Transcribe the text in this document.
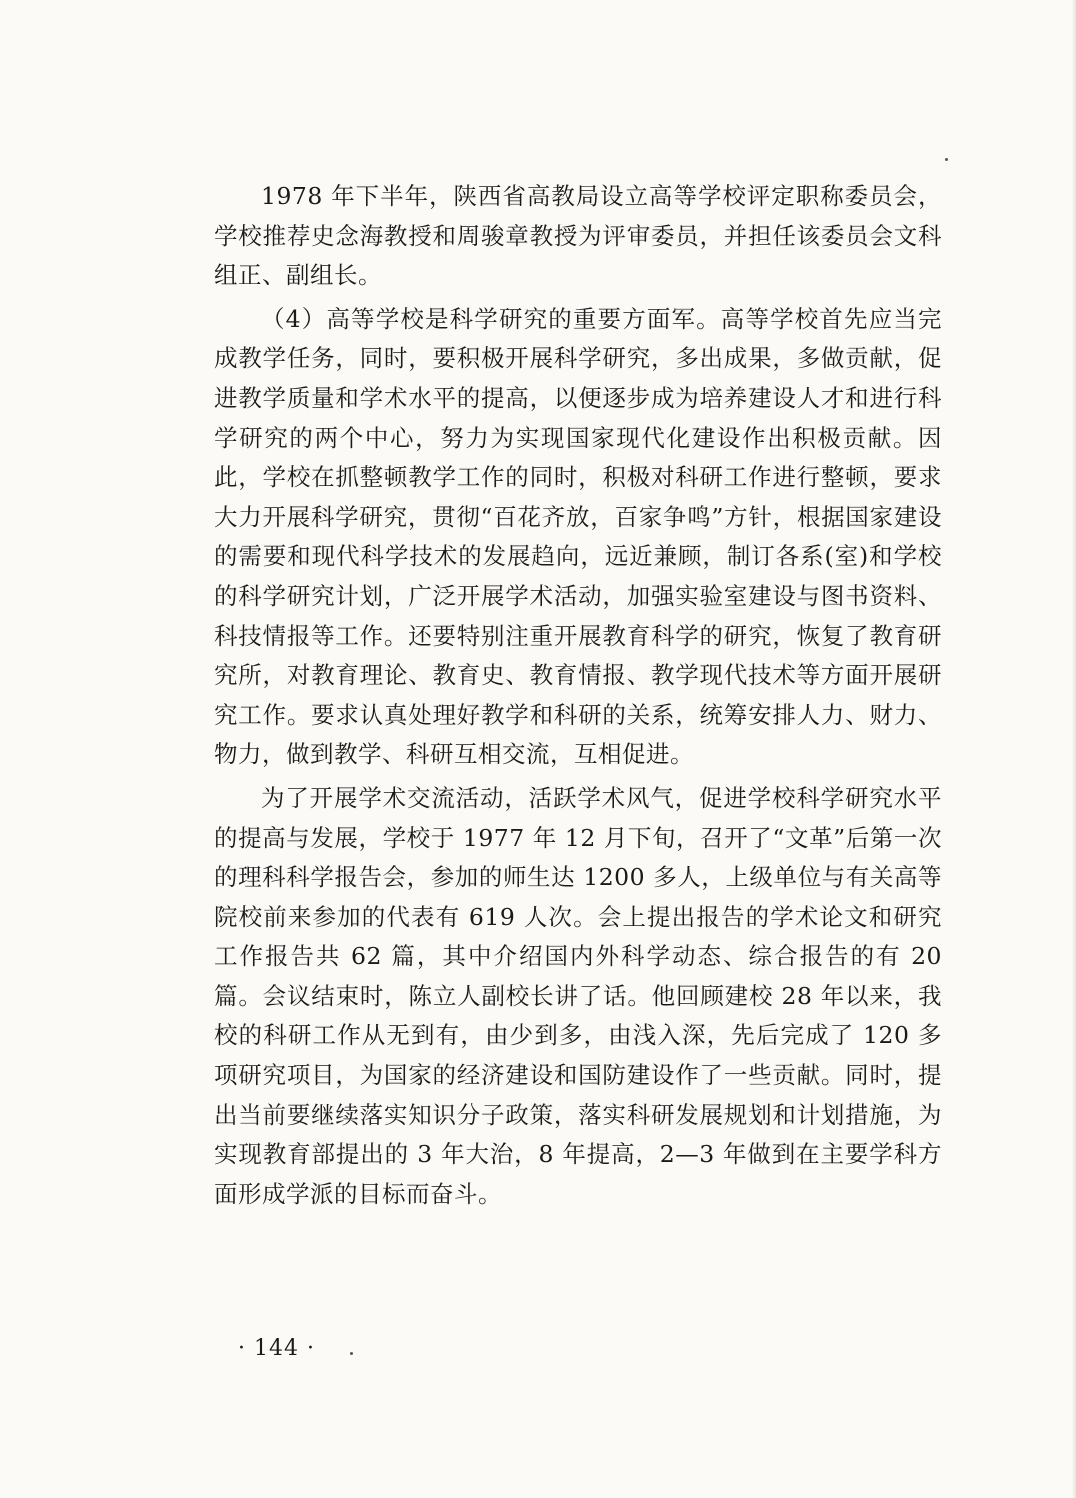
1978 年下半年，陕西省高教局设立高等学校评定职称委员会，学校推荐史念海教授和周骏章教授为评审委员，并担任该委员会文科组正、副组长。

（4）高等学校是科学研究的重要方面军。高等学校首先应当完成教学任务，同时，要积极开展科学研究，多出成果，多做贡献，促进教学质量和学术水平的提高，以便逐步成为培养建设人才和进行科学研究的两个中心，努力为实现国家现代化建设作出积极贡献。因此，学校在抓整顿教学工作的同时，积极对科研工作进行整顿，要求大力开展科学研究，贯彻“百花齐放，百家争鸣”方针，根据国家建设的需要和现代科学技术的发展趋向，远近兼顾，制订各系(室)和学校的科学研究计划，广泛开展学术活动，加强实验室建设与图书资料、科技情报等工作。还要特别注重开展教育科学的研究，恢复了教育研究所，对教育理论、教育史、教育情报、教学现代技术等方面开展研究工作。要求认真处理好教学和科研的关系，统筹安排人力、财力、物力，做到教学、科研互相交流，互相促进。

为了开展学术交流活动，活跃学术风气，促进学校科学研究水平的提高与发展，学校于 1977 年 12 月下旬，召开了“文革”后第一次的理科科学报告会，参加的师生达 1200 多人，上级单位与有关高等院校前来参加的代表有 619 人次。会上提出报告的学术论文和研究工作报告共 62 篇，其中介绍国内外科学动态、综合报告的有 20 篇。会议结束时，陈立人副校长讲了话。他回顾建校 28 年以来，我校的科研工作从无到有，由少到多，由浅入深，先后完成了 120 多项研究项目，为国家的经济建设和国防建设作了一些贡献。同时，提出当前要继续落实知识分子政策，落实科研发展规划和计划措施，为实现教育部提出的 3 年大治，8 年提高，2—3 年做到在主要学科方面形成学派的目标而奋斗。

· 144 ·
